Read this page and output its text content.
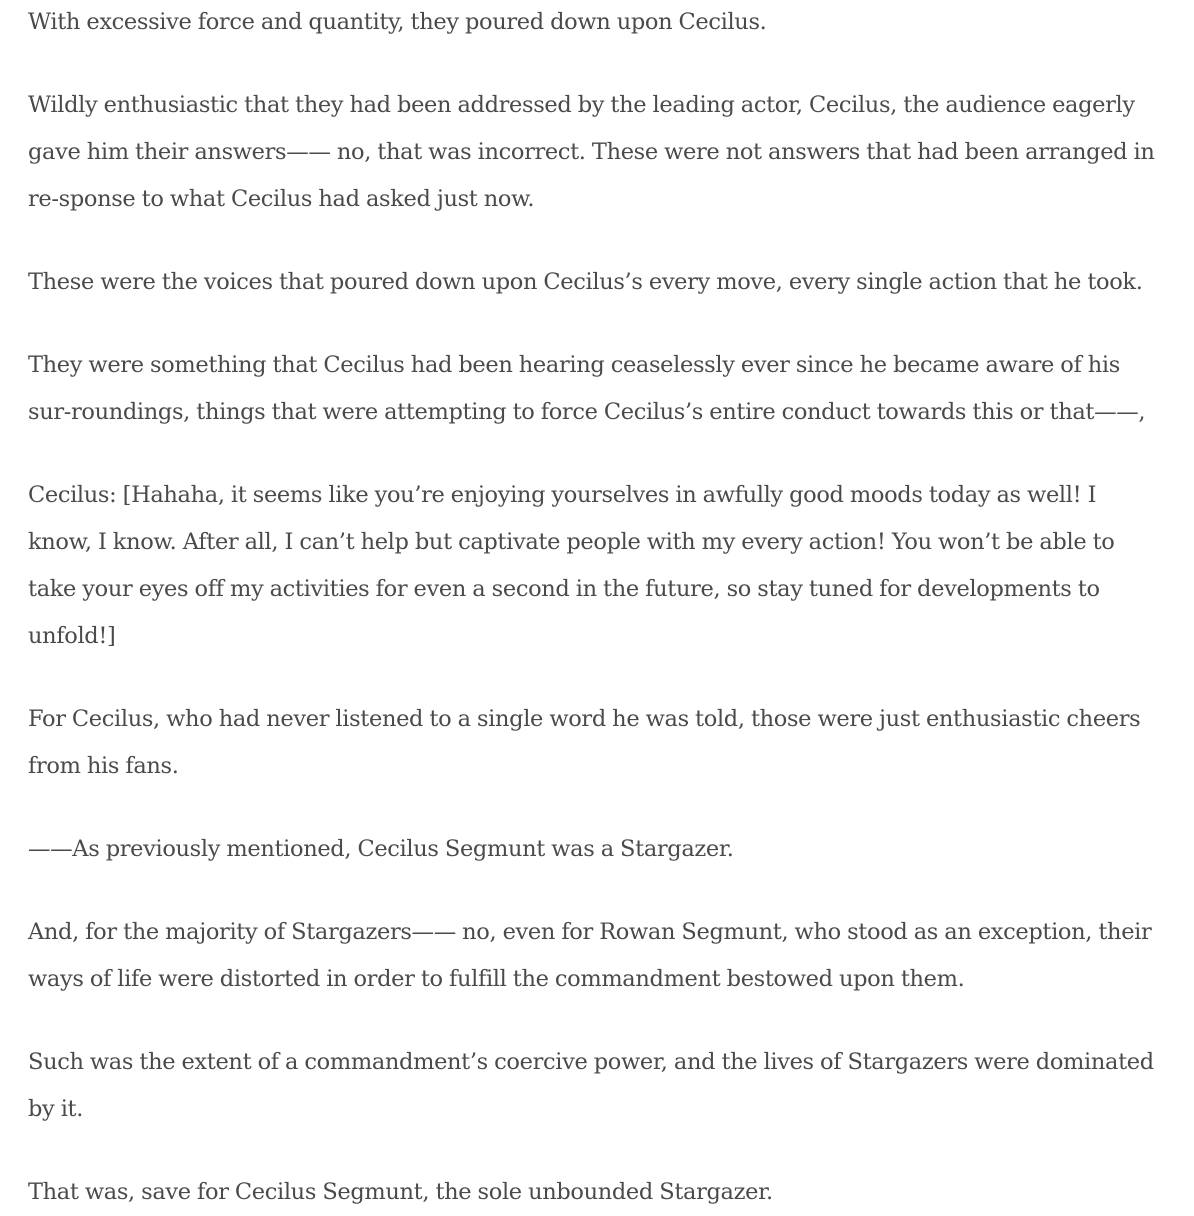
With excessive force and quantity, they poured down upon Cecilus.

Wildly enthusiastic that they had been addressed by the leading actor, Cecilus, the audience eagerly gave him their answers—— no, that was incorrect. These were not answers that had been arranged in re-sponse to what Cecilus had asked just now.

These were the voices that poured down upon Cecilus’s every move, every single action that he took.

They were something that Cecilus had been hearing ceaselessly ever since he became aware of his sur-roundings, things that were attempting to force Cecilus’s entire conduct towards this or that——,

Cecilus: [Hahaha, it seems like you’re enjoying yourselves in awfully good moods today as well! I know, I know. After all, I can’t help but captivate people with my every action! You won’t be able to take your eyes off my activities for even a second in the future, so stay tuned for developments to unfold!]

For Cecilus, who had never listened to a single word he was told, those were just enthusiastic cheers from his fans.

——As previously mentioned, Cecilus Segmunt was a Stargazer.

And, for the majority of Stargazers—— no, even for Rowan Segmunt, who stood as an exception, their ways of life were distorted in order to fulfill the commandment bestowed upon them.

Such was the extent of a commandment’s coercive power, and the lives of Stargazers were dominated by it.

That was, save for Cecilus Segmunt, the sole unbounded Stargazer.
